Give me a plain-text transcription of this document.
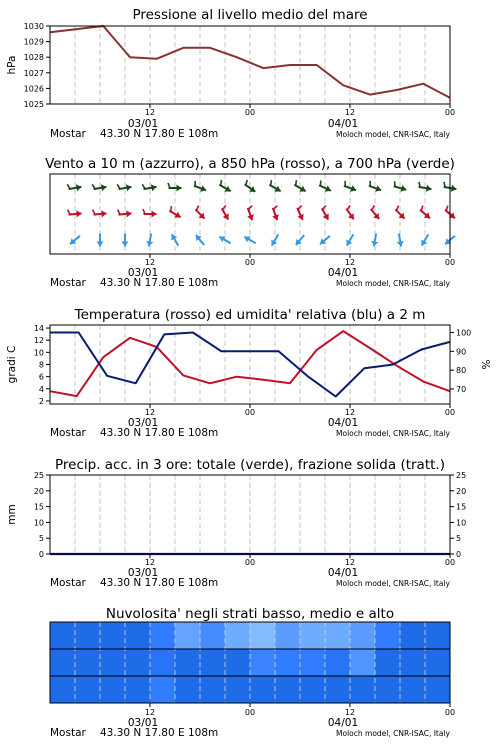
Pressione al livello medio del mare
12
03/01
00	12
04/01
00
Mostar 43.30 N 17.80 E 108m	Moloch model, CNR-ISAC, Italy
1025
1026
1027
1028
1029
1030
hPa
Vento a 10 m (azzurro), a 850 hPa (rosso), a 700 hPa (verde)
12
03/01
00	12
04/01
00
Mostar 43.30 N 17.80 E 108m	Moloch model, CNR-ISAC, Italy
Temperatura (rosso) ed umidita' relativa (blu) a 2 m
12
03/01
00	12
04/01
00
Mostar 43.30 N 17.80 E 108m	Moloch model, CNR-ISAC, Italy
2
4
6
8
10
12
14
70
80
90
100
gradi C	%
Precip. acc. in 3 ore: totale (verde), frazione solida (tratt.)
12
03/01
00	12
04/01
00
Mostar 43.30 N 17.80 E 108m	Moloch model, CNR-ISAC, Italy
0	0
5	5
10	10
15	15
20	20
25	25
mm
Nuvolosita' negli strati basso, medio e alto
12
03/01
00	12
04/01
00
Mostar 43.30 N 17.80 E 108m	Moloch model, CNR-ISAC, Italy
